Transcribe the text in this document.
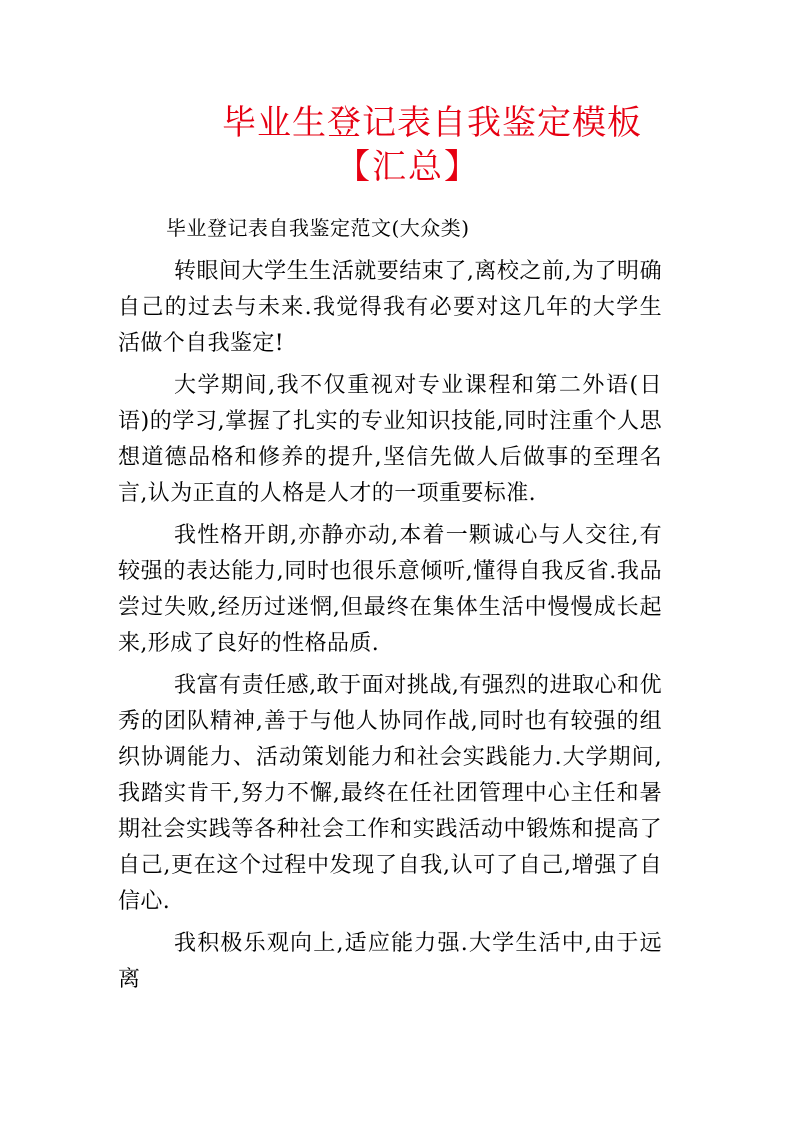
毕业生登记表自我鉴定模板
【汇总】
毕业登记表自我鉴定范文(大众类)

转眼间大学生生活就要结束了,离校之前,为了明确自己的过去与未来.我觉得我有必要对这几年的大学生活做个自我鉴定!

大学期间,我不仅重视对专业课程和第二外语(日语)的学习,掌握了扎实的专业知识技能,同时注重个人思想道德品格和修养的提升,坚信先做人后做事的至理名言,认为正直的人格是人才的一项重要标准.

我性格开朗,亦静亦动,本着一颗诚心与人交往,有较强的表达能力,同时也很乐意倾听,懂得自我反省.我品尝过失败,经历过迷惘,但最终在集体生活中慢慢成长起来,形成了良好的性格品质.

我富有责任感,敢于面对挑战,有强烈的进取心和优秀的团队精神,善于与他人协同作战,同时也有较强的组织协调能力、活动策划能力和社会实践能力.大学期间,我踏实肯干,努力不懈,最终在任社团管理中心主任和暑期社会实践等各种社会工作和实践活动中锻炼和提高了自己,更在这个过程中发现了自我,认可了自己,增强了自信心.

我积极乐观向上,适应能力强.大学生活中,由于远离
